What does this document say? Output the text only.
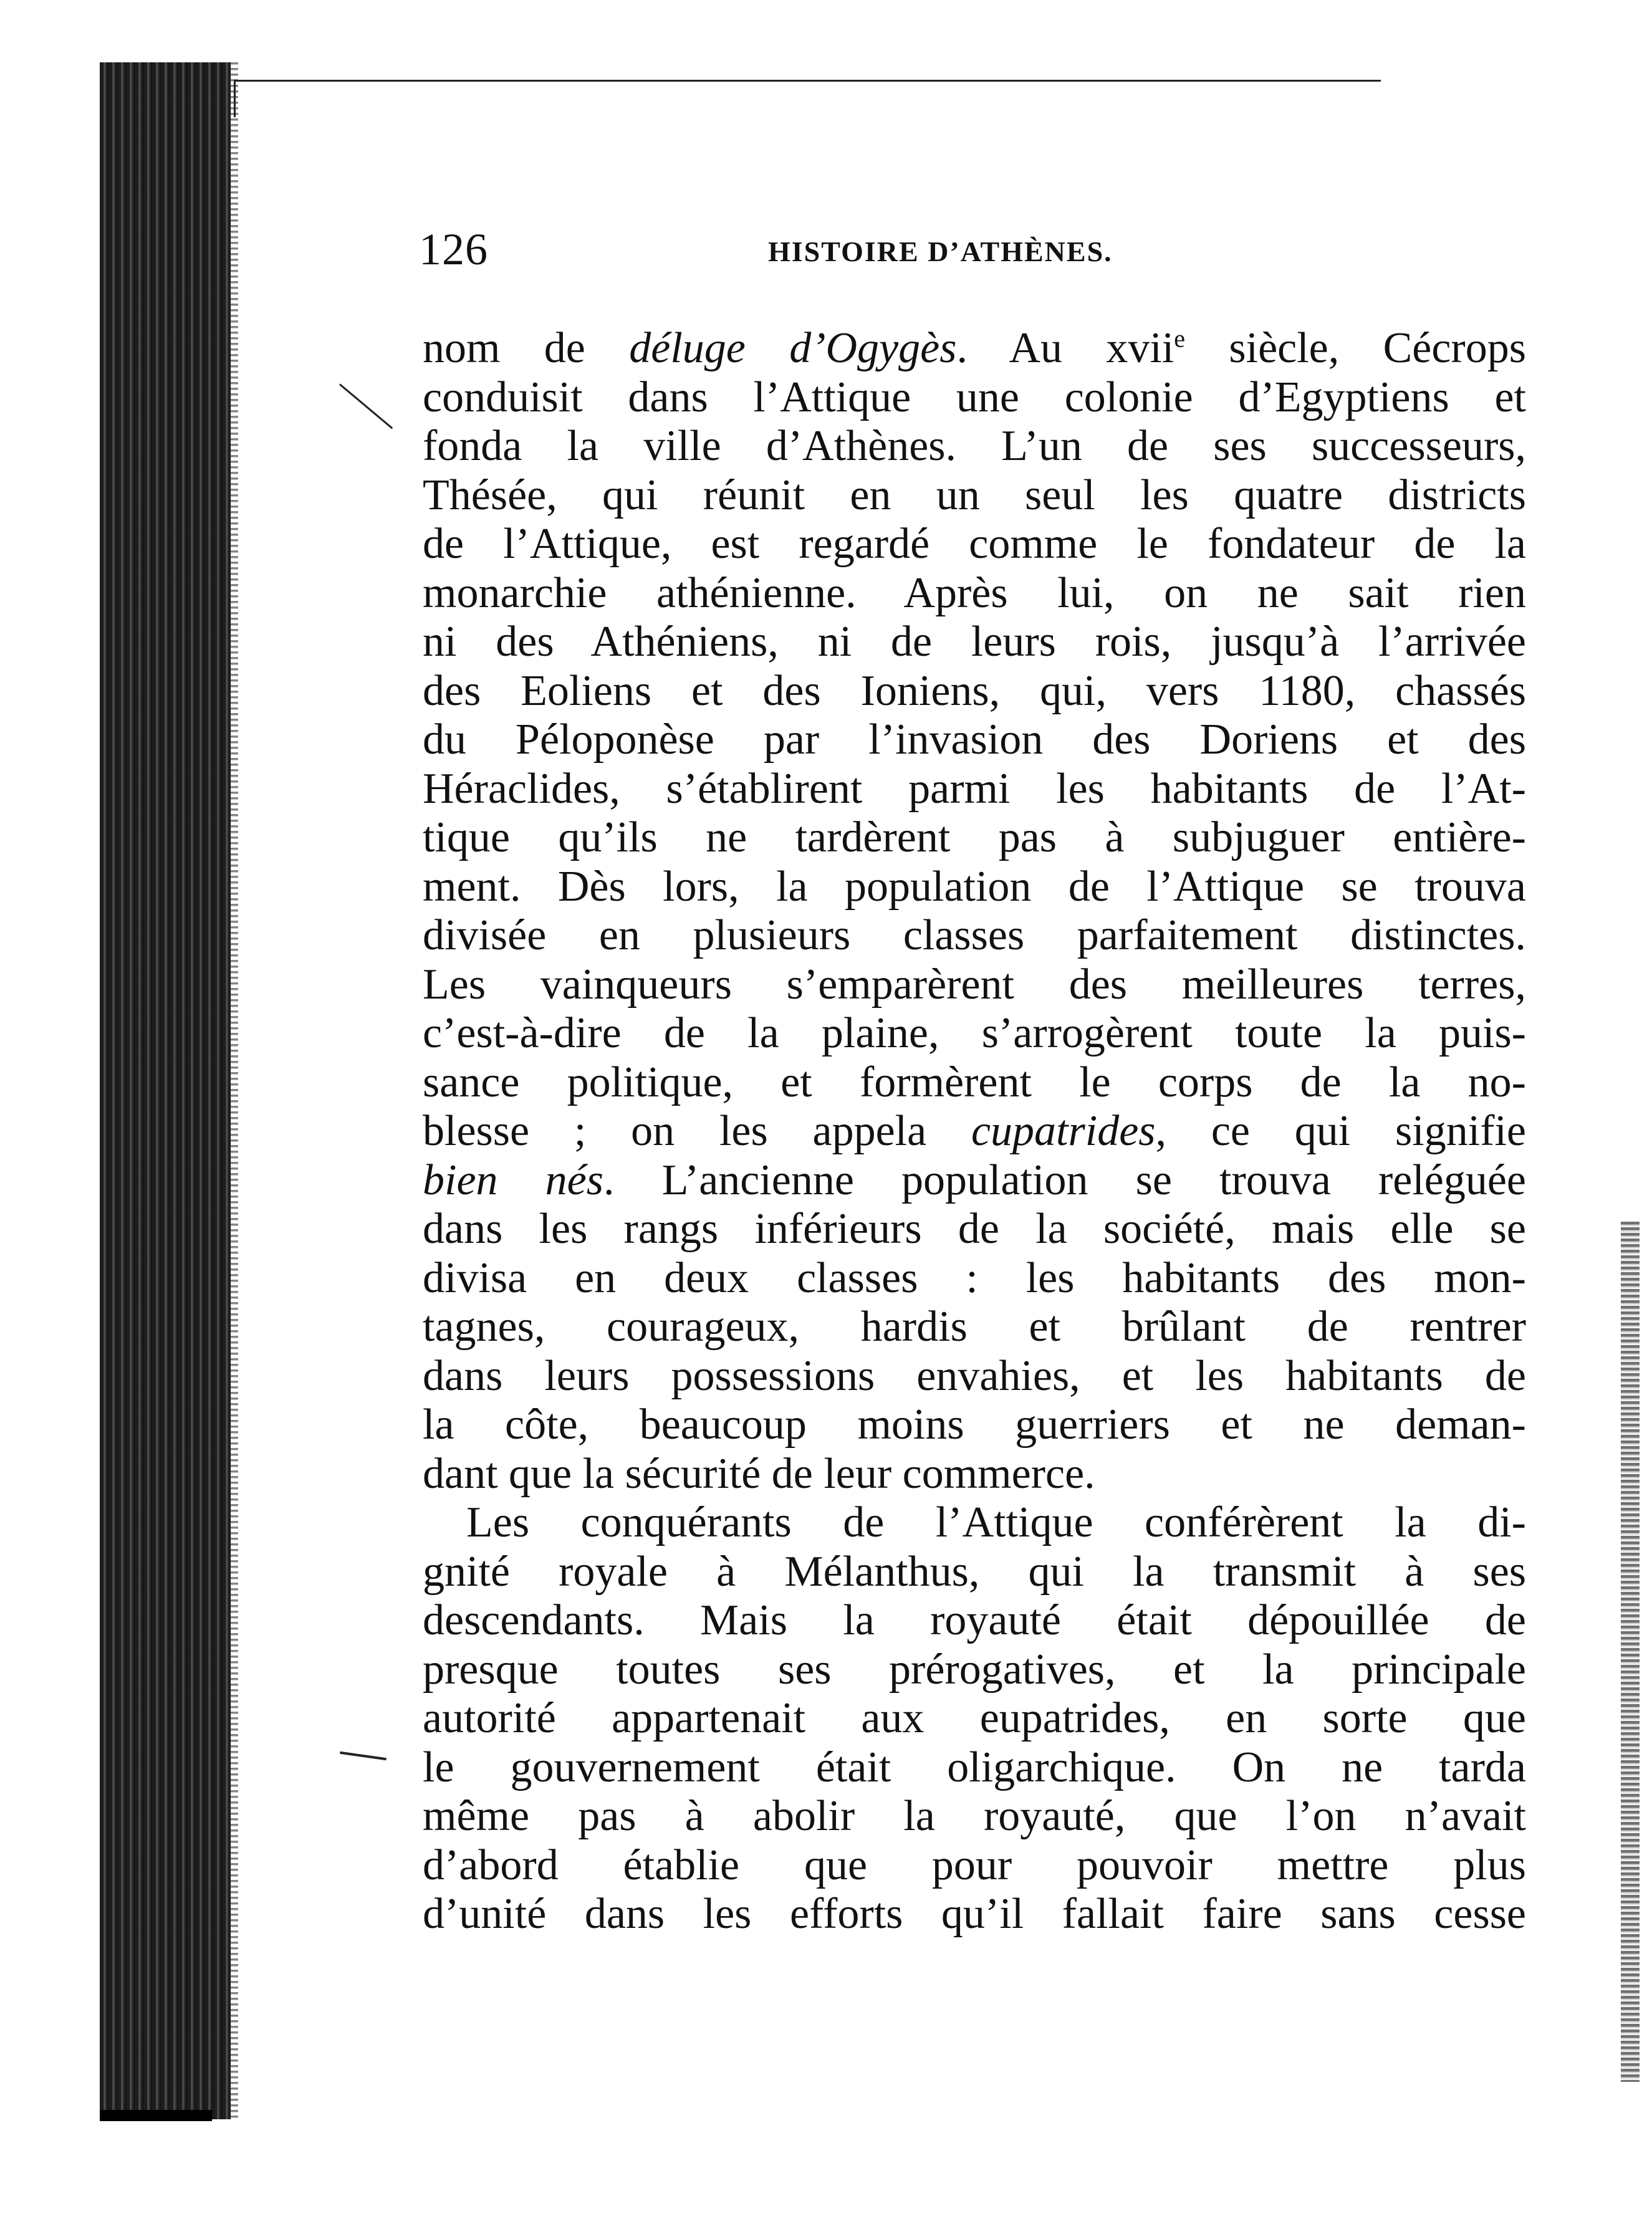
126	HISTOIRE D’ATHÈNES.
nom de déluge d’Ogygès. Au xvii$^e$ siècle, Cécrops
conduisit dans l’Attique une colonie d’Egyptiens et
fonda la ville d’Athènes. L’un de ses successeurs,
Thésée, qui réunit en un seul les quatre districts
de l’Attique, est regardé comme le fondateur de la
monarchie athénienne. Après lui, on ne sait rien
ni des Athéniens, ni de leurs rois, jusqu’à l’arrivée
des Eoliens et des Ioniens, qui, vers 1180, chassés
du Péloponèse par l’invasion des Doriens et des
Héraclides, s’établirent parmi les habitants de l’At-
tique qu’ils ne tardèrent pas à subjuguer entière-
ment. Dès lors, la population de l’Attique se trouva
divisée en plusieurs classes parfaitement distinctes.
Les vainqueurs s’emparèrent des meilleures terres,
c’est-à-dire de la plaine, s’arrogèrent toute la puis-
sance politique, et formèrent le corps de la no-
blesse ; on les appela cupatrides, ce qui signifie
bien nés. L’ancienne population se trouva reléguée
dans les rangs inférieurs de la société, mais elle se
divisa en deux classes : les habitants des mon-
tagnes, courageux, hardis et brûlant de rentrer
dans leurs possessions envahies, et les habitants de
la côte, beaucoup moins guerriers et ne deman-
dant que la sécurité de leur commerce.
Les conquérants de l’Attique conférèrent la di-
gnité royale à Mélanthus, qui la transmit à ses
descendants. Mais la royauté était dépouillée de
presque toutes ses prérogatives, et la principale
autorité appartenait aux eupatrides, en sorte que
le gouvernement était oligarchique. On ne tarda
même pas à abolir la royauté, que l’on n’avait
d’abord établie que pour pouvoir mettre plus
d’unité dans les efforts qu’il fallait faire sans cesse
